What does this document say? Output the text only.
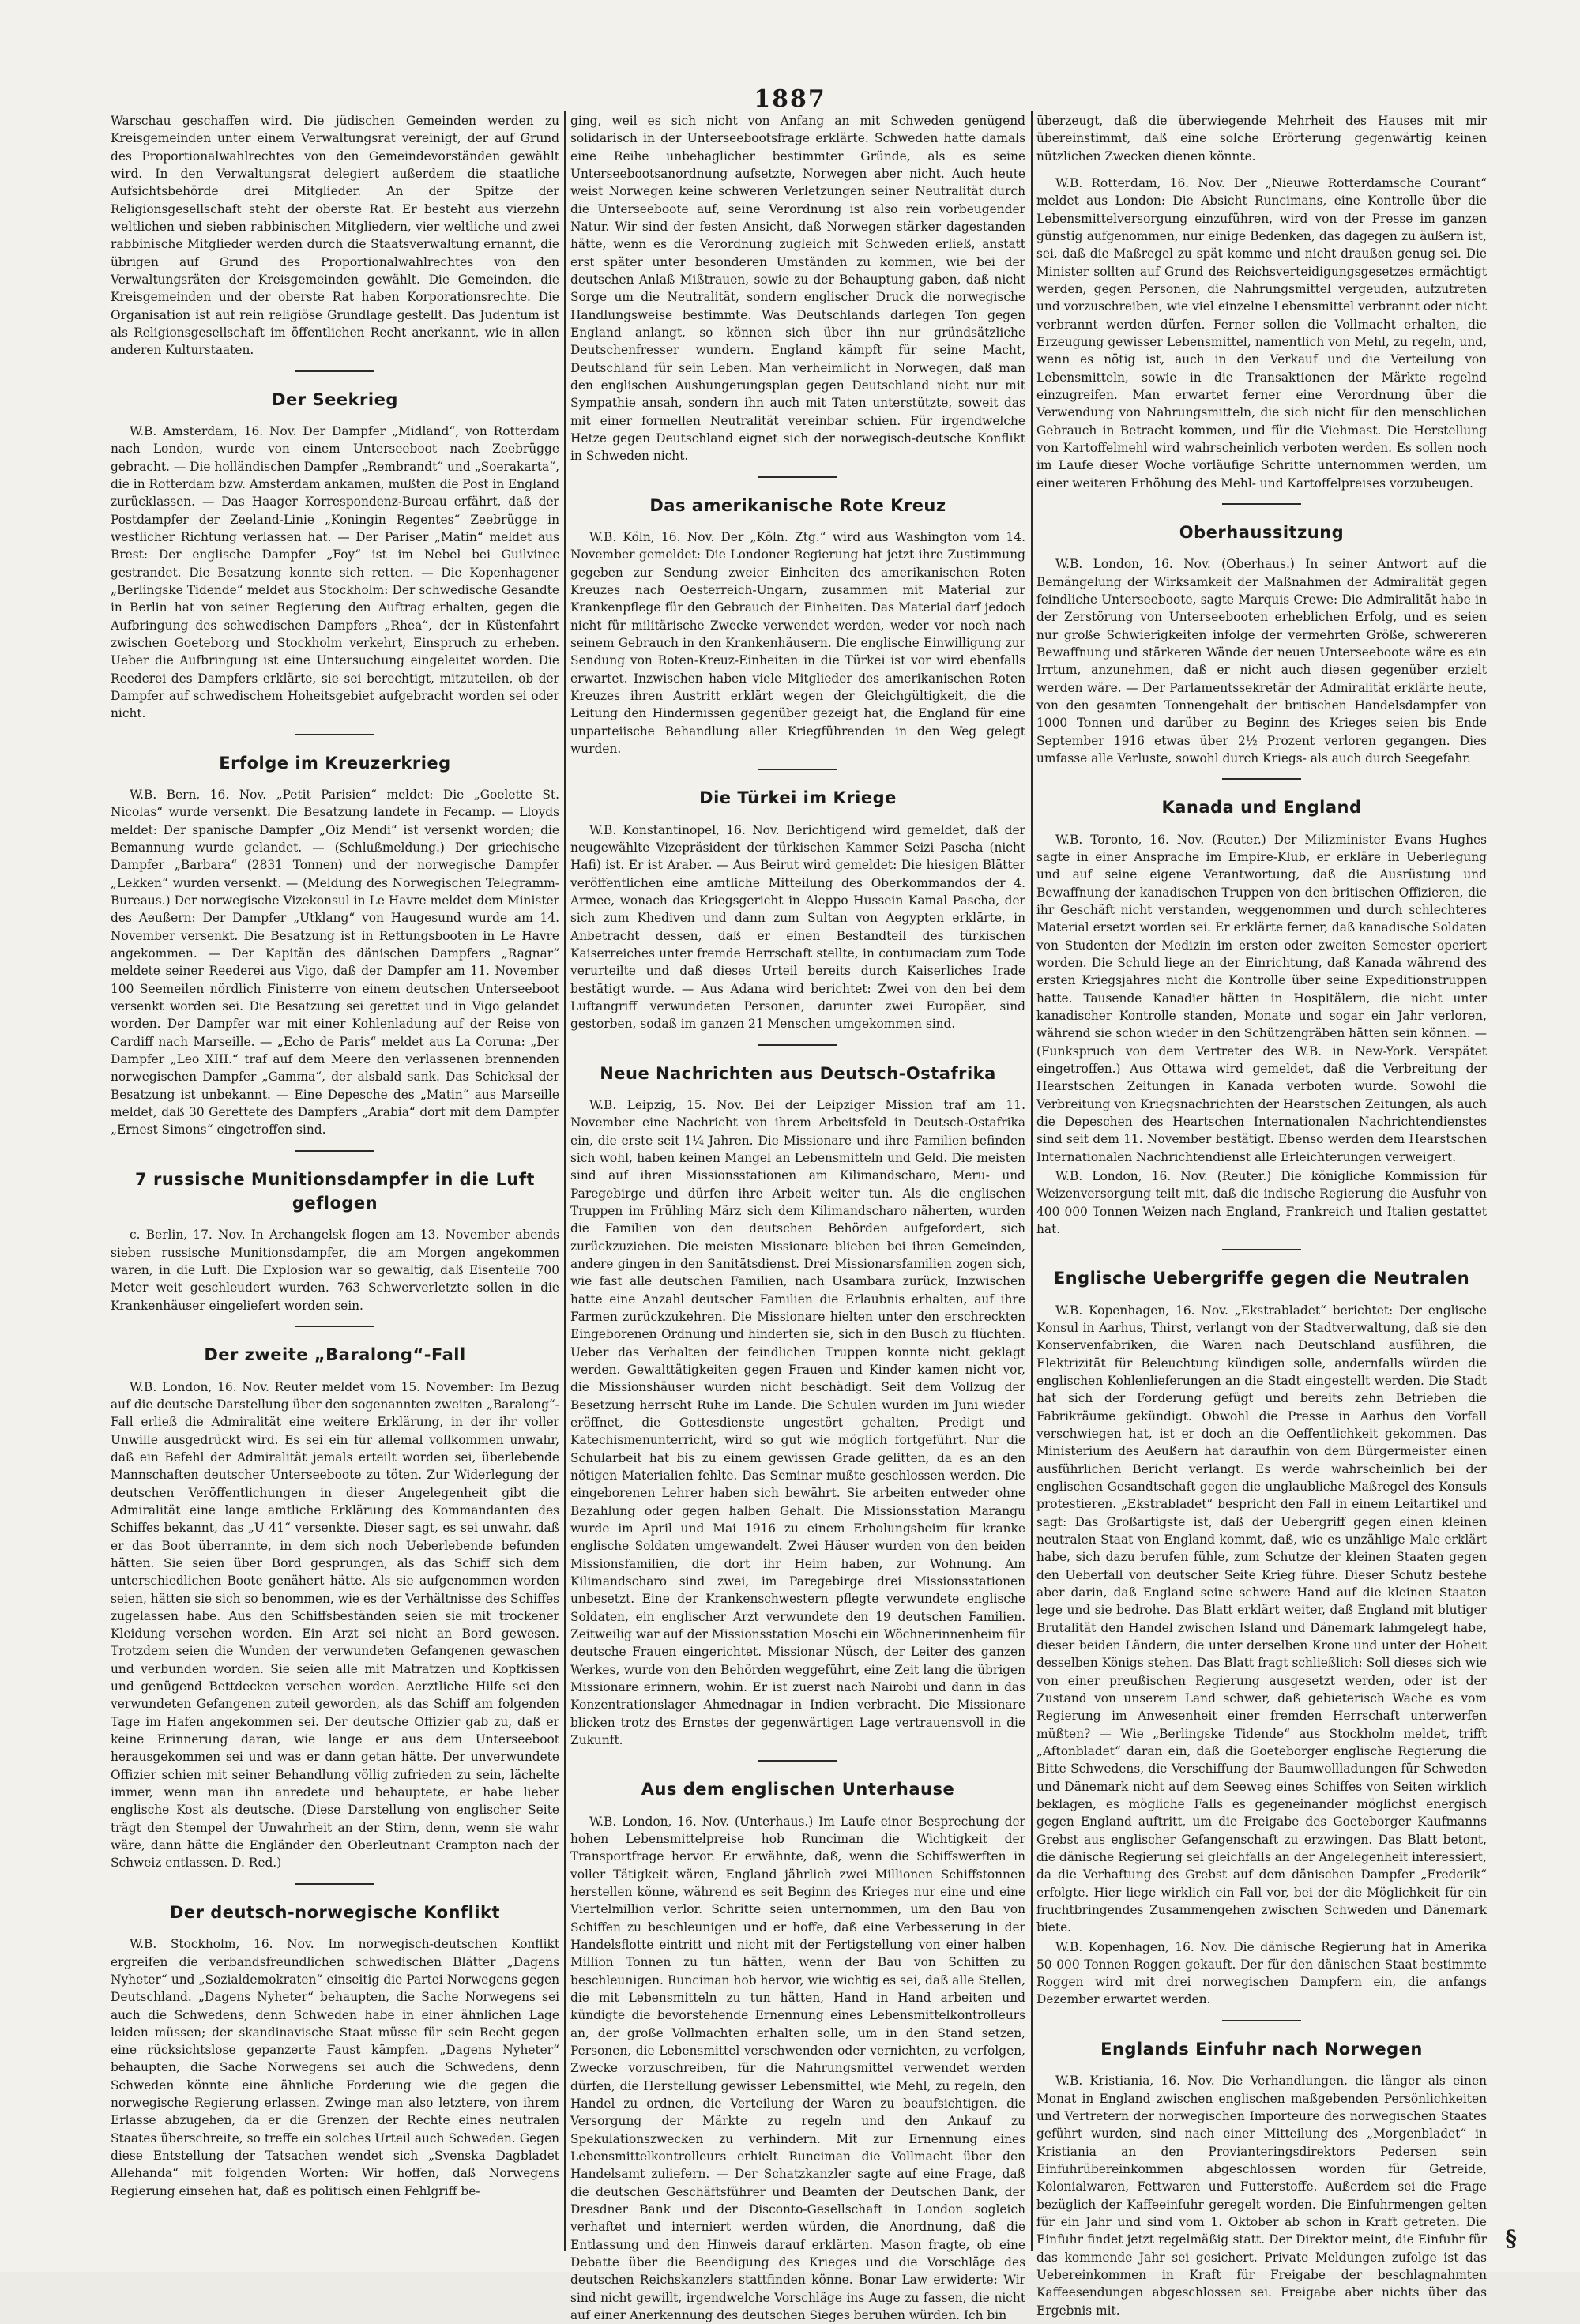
1887

Warschau geschaffen wird. Die jüdischen Gemeinden werden zu Kreisgemeinden unter einem Verwaltungsrat vereinigt, der auf Grund des Proportionalwahlrechtes von den Gemeindevorständen gewählt wird. In den Verwaltungsrat delegiert außerdem die staatliche Aufsichtsbehörde drei Mitglieder. An der Spitze der Religionsgesellschaft steht der oberste Rat. Er besteht aus vierzehn weltlichen und sieben rabbinischen Mitgliedern, vier weltliche und zwei rabbinische Mitglieder werden durch die Staatsverwaltung ernannt, die übrigen auf Grund des Proportionalwahlrechtes von den Verwaltungsräten der Kreisgemeinden gewählt. Die Gemeinden, die Kreisgemeinden und der oberste Rat haben Korporationsrechte. Die Organisation ist auf rein religiöse Grundlage gestellt. Das Judentum ist als Religionsgesellschaft im öffentlichen Recht anerkannt, wie in allen anderen Kulturstaaten.

Der Seekrieg

W.B. Amsterdam, 16. Nov. Der Dampfer „Midland“, von Rotterdam nach London, wurde von einem Unterseeboot nach Zeebrügge gebracht. — Die holländischen Dampfer „Rembrandt“ und „Soerakarta“, die in Rotterdam bzw. Amsterdam ankamen, mußten die Post in England zurücklassen. — Das Haager Korrespondenz-Bureau erfährt, daß der Postdampfer der Zeeland-Linie „Koningin Regentes“ Zeebrügge in westlicher Richtung verlassen hat. — Der Pariser „Matin“ meldet aus Brest: Der englische Dampfer „Foy“ ist im Nebel bei Guilvinec gestrandet. Die Besatzung konnte sich retten. — Die Kopenhagener „Berlingske Tidende“ meldet aus Stockholm: Der schwedische Gesandte in Berlin hat von seiner Regierung den Auftrag erhalten, gegen die Aufbringung des schwedischen Dampfers „Rhea“, der in Küstenfahrt zwischen Goeteborg und Stockholm verkehrt, Einspruch zu erheben. Ueber die Aufbringung ist eine Untersuchung eingeleitet worden. Die Reederei des Dampfers erklärte, sie sei berechtigt, mitzuteilen, ob der Dampfer auf schwedischem Hoheitsgebiet aufgebracht worden sei oder nicht.

Erfolge im Kreuzerkrieg

W.B. Bern, 16. Nov. „Petit Parisien“ meldet: Die „Goelette St. Nicolas“ wurde versenkt. Die Besatzung landete in Fecamp. — Lloyds meldet: Der spanische Dampfer „Oiz Mendi“ ist versenkt worden; die Bemannung wurde gelandet. — (Schlußmeldung.) Der griechische Dampfer „Barbara“ (2831 Tonnen) und der norwegische Dampfer „Lekken“ wurden versenkt. — (Meldung des Norwegischen Telegramm-Bureaus.) Der norwegische Vizekonsul in Le Havre meldet dem Minister des Aeußern: Der Dampfer „Utklang“ von Haugesund wurde am 14. November versenkt. Die Besatzung ist in Rettungsbooten in Le Havre angekommen. — Der Kapitän des dänischen Dampfers „Ragnar“ meldete seiner Reederei aus Vigo, daß der Dampfer am 11. November 100 Seemeilen nördlich Finisterre von einem deutschen Unterseeboot versenkt worden sei. Die Besatzung sei gerettet und in Vigo gelandet worden. Der Dampfer war mit einer Kohlenladung auf der Reise von Cardiff nach Marseille. — „Echo de Paris“ meldet aus La Coruna: „Der Dampfer „Leo XIII.“ traf auf dem Meere den verlassenen brennenden norwegischen Dampfer „Gamma“, der alsbald sank. Das Schicksal der Besatzung ist unbekannt. — Eine Depesche des „Matin“ aus Marseille meldet, daß 30 Gerettete des Dampfers „Arabia“ dort mit dem Dampfer „Ernest Simons“ eingetroffen sind.

7 russische Munitionsdampfer in die Luft geflogen

c. Berlin, 17. Nov. In Archangelsk flogen am 13. November abends sieben russische Munitionsdampfer, die am Morgen angekommen waren, in die Luft. Die Explosion war so gewaltig, daß Eisenteile 700 Meter weit geschleudert wurden. 763 Schwerverletzte sollen in die Krankenhäuser eingeliefert worden sein.

Der zweite „Baralong“-Fall

W.B. London, 16. Nov. Reuter meldet vom 15. November: Im Bezug auf die deutsche Darstellung über den sogenannten zweiten „Baralong“-Fall erließ die Admiralität eine weitere Erklärung, in der ihr voller Unwille ausgedrückt wird. Es sei ein für allemal vollkommen unwahr, daß ein Befehl der Admiralität jemals erteilt worden sei, überlebende Mannschaften deutscher Unterseeboote zu töten. Zur Widerlegung der deutschen Veröffentlichungen in dieser Angelegenheit gibt die Admiralität eine lange amtliche Erklärung des Kommandanten des Schiffes bekannt, das „U 41“ versenkte. Dieser sagt, es sei unwahr, daß er das Boot überrannte, in dem sich noch Ueberlebende befunden hätten. Sie seien über Bord gesprungen, als das Schiff sich dem unterschiedlichen Boote genähert hätte. Als sie aufgenommen worden seien, hätten sie sich so benommen, wie es der Verhältnisse des Schiffes zugelassen habe. Aus den Schiffsbeständen seien sie mit trockener Kleidung versehen worden. Ein Arzt sei nicht an Bord gewesen. Trotzdem seien die Wunden der verwundeten Gefangenen gewaschen und verbunden worden. Sie seien alle mit Matratzen und Kopfkissen und genügend Bettdecken versehen worden. Aerztliche Hilfe sei den verwundeten Gefangenen zuteil geworden, als das Schiff am folgenden Tage im Hafen angekommen sei. Der deutsche Offizier gab zu, daß er keine Erinnerung daran, wie lange er aus dem Unterseeboot herausgekommen sei und was er dann getan hätte. Der unverwundete Offizier schien mit seiner Behandlung völlig zufrieden zu sein, lächelte immer, wenn man ihn anredete und behauptete, er habe lieber englische Kost als deutsche. (Diese Darstellung von englischer Seite trägt den Stempel der Unwahrheit an der Stirn, denn, wenn sie wahr wäre, dann hätte die Engländer den Oberleutnant Crampton nach der Schweiz entlassen. D. Red.)

Der deutsch-norwegische Konflikt

W.B. Stockholm, 16. Nov. Im norwegisch-deutschen Konflikt ergreifen die verbandsfreundlichen schwedischen Blätter „Dagens Nyheter“ und „Sozialdemokraten“ einseitig die Partei Norwegens gegen Deutschland. „Dagens Nyheter“ behaupten, die Sache Norwegens sei auch die Schwedens, denn Schweden habe in einer ähnlichen Lage leiden müssen; der skandinavische Staat müsse für sein Recht gegen eine rücksichtslose gepanzerte Faust kämpfen. „Dagens Nyheter“ behaupten, die Sache Norwegens sei auch die Schwedens, denn Schweden könnte eine ähnliche Forderung wie die gegen die norwegische Regierung erlassen. Zwinge man also letztere, von ihrem Erlasse abzugehen, da er die Grenzen der Rechte eines neutralen Staates überschreite, so treffe ein solches Urteil auch Schweden. Gegen diese Entstellung der Tatsachen wendet sich „Svenska Dagbladet Allehanda“ mit folgenden Worten: Wir hoffen, daß Norwegens Regierung einsehen hat, daß es politisch einen Fehlgriff be-

ging, weil es sich nicht von Anfang an mit Schweden genügend solidarisch in der Unterseebootsfrage erklärte. Schweden hatte damals eine Reihe unbehaglicher bestimmter Gründe, als es seine Unterseebootsanordnung aufsetzte, Norwegen aber nicht. Auch heute weist Norwegen keine schweren Verletzungen seiner Neutralität durch die Unterseeboote auf, seine Verordnung ist also rein vorbeugender Natur. Wir sind der festen Ansicht, daß Norwegen stärker dagestanden hätte, wenn es die Verordnung zugleich mit Schweden erließ, anstatt erst später unter besonderen Umständen zu kommen, wie bei der deutschen Anlaß Mißtrauen, sowie zu der Behauptung gaben, daß nicht Sorge um die Neutralität, sondern englischer Druck die norwegische Handlungsweise bestimmte. Was Deutschlands darlegen Ton gegen England anlangt, so können sich über ihn nur gründsätzliche Deutschenfresser wundern. England kämpft für seine Macht, Deutschland für sein Leben. Man verheimlicht in Norwegen, daß man den englischen Aushungerungsplan gegen Deutschland nicht nur mit Sympathie ansah, sondern ihn auch mit Taten unterstützte, soweit das mit einer formellen Neutralität vereinbar schien. Für irgendwelche Hetze gegen Deutschland eignet sich der norwegisch-deutsche Konflikt in Schweden nicht.

Das amerikanische Rote Kreuz

W.B. Köln, 16. Nov. Der „Köln. Ztg.“ wird aus Washington vom 14. November gemeldet: Die Londoner Regierung hat jetzt ihre Zustimmung gegeben zur Sendung zweier Einheiten des amerikanischen Roten Kreuzes nach Oesterreich-Ungarn, zusammen mit Material zur Krankenpflege für den Gebrauch der Einheiten. Das Material darf jedoch nicht für militärische Zwecke verwendet werden, weder vor noch nach seinem Gebrauch in den Krankenhäusern. Die englische Einwilligung zur Sendung von Roten-Kreuz-Einheiten in die Türkei ist vor wird ebenfalls erwartet. Inzwischen haben viele Mitglieder des amerikanischen Roten Kreuzes ihren Austritt erklärt wegen der Gleichgültigkeit, die die Leitung den Hindernissen gegenüber gezeigt hat, die England für eine unparteiische Behandlung aller Kriegführenden in den Weg gelegt wurden.

Die Türkei im Kriege

W.B. Konstantinopel, 16. Nov. Berichtigend wird gemeldet, daß der neugewählte Vizepräsident der türkischen Kammer Seizi Pascha (nicht Hafi) ist. Er ist Araber. — Aus Beirut wird gemeldet: Die hiesigen Blätter veröffentlichen eine amtliche Mitteilung des Oberkommandos der 4. Armee, wonach das Kriegsgericht in Aleppo Hussein Kamal Pascha, der sich zum Khediven und dann zum Sultan von Aegypten erklärte, in Anbetracht dessen, daß er einen Bestandteil des türkischen Kaiserreiches unter fremde Herrschaft stellte, in contumaciam zum Tode verurteilte und daß dieses Urteil bereits durch Kaiserliches Irade bestätigt wurde. — Aus Adana wird berichtet: Zwei von den bei dem Luftangriff verwundeten Personen, darunter zwei Europäer, sind gestorben, sodaß im ganzen 21 Menschen umgekommen sind.

Neue Nachrichten aus Deutsch-Ostafrika

W.B. Leipzig, 15. Nov. Bei der Leipziger Mission traf am 11. November eine Nachricht von ihrem Arbeitsfeld in Deutsch-Ostafrika ein, die erste seit 1¼ Jahren. Die Missionare und ihre Familien befinden sich wohl, haben keinen Mangel an Lebensmitteln und Geld. Die meisten sind auf ihren Missionsstationen am Kilimandscharo, Meru- und Paregebirge und dürfen ihre Arbeit weiter tun. Als die englischen Truppen im Frühling März sich dem Kilimandscharo näherten, wurden die Familien von den deutschen Behörden aufgefordert, sich zurückzuziehen. Die meisten Missionare blieben bei ihren Gemeinden, andere gingen in den Sanitätsdienst. Drei Missionarsfamilien zogen sich, wie fast alle deutschen Familien, nach Usambara zurück, Inzwischen hatte eine Anzahl deutscher Familien die Erlaubnis erhalten, auf ihre Farmen zurückzukehren. Die Missionare hielten unter den erschreckten Eingeborenen Ordnung und hinderten sie, sich in den Busch zu flüchten. Ueber das Verhalten der feindlichen Truppen konnte nicht geklagt werden. Gewalttätigkeiten gegen Frauen und Kinder kamen nicht vor, die Missionshäuser wurden nicht beschädigt. Seit dem Vollzug der Besetzung herrscht Ruhe im Lande. Die Schulen wurden im Juni wieder eröffnet, die Gottesdienste ungestört gehalten, Predigt und Katechismenunterricht, wird so gut wie möglich fortgeführt. Nur die Schularbeit hat bis zu einem gewissen Grade gelitten, da es an den nötigen Materialien fehlte. Das Seminar mußte geschlossen werden. Die eingeborenen Lehrer haben sich bewährt. Sie arbeiten entweder ohne Bezahlung oder gegen halben Gehalt. Die Missionsstation Marangu wurde im April und Mai 1916 zu einem Erholungsheim für kranke englische Soldaten umgewandelt. Zwei Häuser wurden von den beiden Missionsfamilien, die dort ihr Heim haben, zur Wohnung. Am Kilimandscharo sind zwei, im Paregebirge drei Missionsstationen unbesetzt. Eine der Krankenschwestern pflegte verwundete englische Soldaten, ein englischer Arzt verwundete den 19 deutschen Familien. Zeitweilig war auf der Missionsstation Moschi ein Wöchnerinnenheim für deutsche Frauen eingerichtet. Missionar Nüsch, der Leiter des ganzen Werkes, wurde von den Behörden weggeführt, eine Zeit lang die übrigen Missionare erinnern, wohin. Er ist zuerst nach Nairobi und dann in das Konzentrationslager Ahmednagar in Indien verbracht. Die Missionare blicken trotz des Ernstes der gegenwärtigen Lage vertrauensvoll in die Zukunft.

Aus dem englischen Unterhause

W.B. London, 16. Nov. (Unterhaus.) Im Laufe einer Besprechung der hohen Lebensmittelpreise hob Runciman die Wichtigkeit der Transportfrage hervor. Er erwähnte, daß, wenn die Schiffswerften in voller Tätigkeit wären, England jährlich zwei Millionen Schiffstonnen herstellen könne, während es seit Beginn des Krieges nur eine und eine Viertelmillion verlor. Schritte seien unternommen, um den Bau von Schiffen zu beschleunigen und er hoffe, daß eine Verbesserung in der Handelsflotte eintritt und nicht mit der Fertigstellung von einer halben Million Tonnen zu tun hätten, wenn der Bau von Schiffen zu beschleunigen. Runciman hob hervor, wie wichtig es sei, daß alle Stellen, die mit Lebensmitteln zu tun hätten, Hand in Hand arbeiten und kündigte die bevorstehende Ernennung eines Lebensmittelkontrolleurs an, der große Vollmachten erhalten solle, um in den Stand setzen, Personen, die Lebensmittel verschwenden oder vernichten, zu verfolgen, Zwecke vorzuschreiben, für die Nahrungsmittel verwendet werden dürfen, die Herstellung gewisser Lebensmittel, wie Mehl, zu regeln, den Handel zu ordnen, die Verteilung der Waren zu beaufsichtigen, die Versorgung der Märkte zu regeln und den Ankauf zu Spekulationszwecken zu verhindern. Mit zur Ernennung eines Lebensmittelkontrolleurs erhielt Runciman die Vollmacht über den Handelsamt zuliefern. — Der Schatzkanzler sagte auf eine Frage, daß die deutschen Geschäftsführer und Beamten der Deutschen Bank, der Dresdner Bank und der Disconto-Gesellschaft in London sogleich verhaftet und interniert werden würden, die Anordnung, daß die Entlassung und den Hinweis darauf erklärten. Mason fragte, ob eine Debatte über die Beendigung des Krieges und die Vorschläge des deutschen Reichskanzlers stattfinden könne. Bonar Law erwiderte: Wir sind nicht gewillt, irgendwelche Vorschläge ins Auge zu fassen, die nicht auf einer Anerkennung des deutschen Sieges beruhen würden. Ich bin

überzeugt, daß die überwiegende Mehrheit des Hauses mit mir übereinstimmt, daß eine solche Erörterung gegenwärtig keinen nützlichen Zwecken dienen könnte.

W.B. Rotterdam, 16. Nov. Der „Nieuwe Rotterdamsche Courant“ meldet aus London: Die Absicht Runcimans, eine Kontrolle über die Lebensmittelversorgung einzuführen, wird von der Presse im ganzen günstig aufgenommen, nur einige Bedenken, das dagegen zu äußern ist, sei, daß die Maßregel zu spät komme und nicht draußen genug sei. Die Minister sollten auf Grund des Reichsverteidigungsgesetzes ermächtigt werden, gegen Personen, die Nahrungsmittel vergeuden, aufzutreten und vorzuschreiben, wie viel einzelne Lebensmittel verbrannt oder nicht verbrannt werden dürfen. Ferner sollen die Vollmacht erhalten, die Erzeugung gewisser Lebensmittel, namentlich von Mehl, zu regeln, und, wenn es nötig ist, auch in den Verkauf und die Verteilung von Lebensmitteln, sowie in die Transaktionen der Märkte regelnd einzugreifen. Man erwartet ferner eine Verordnung über die Verwendung von Nahrungsmitteln, die sich nicht für den menschlichen Gebrauch in Betracht kommen, und für die Viehmast. Die Herstellung von Kartoffelmehl wird wahrscheinlich verboten werden. Es sollen noch im Laufe dieser Woche vorläufige Schritte unternommen werden, um einer weiteren Erhöhung des Mehl- und Kartoffelpreises vorzubeugen.

Oberhaussitzung

W.B. London, 16. Nov. (Oberhaus.) In seiner Antwort auf die Bemängelung der Wirksamkeit der Maßnahmen der Admiralität gegen feindliche Unterseeboote, sagte Marquis Crewe: Die Admiralität habe in der Zerstörung von Unterseebooten erheblichen Erfolg, und es seien nur große Schwierigkeiten infolge der vermehrten Größe, schwereren Bewaffnung und stärkeren Wände der neuen Unterseeboote wäre es ein Irrtum, anzunehmen, daß er nicht auch diesen gegenüber erzielt werden wäre. — Der Parlamentssekretär der Admiralität erklärte heute, von den gesamten Tonnengehalt der britischen Handelsdampfer von 1000 Tonnen und darüber zu Beginn des Krieges seien bis Ende September 1916 etwas über 2½ Prozent verloren gegangen. Dies umfasse alle Verluste, sowohl durch Kriegs- als auch durch Seegefahr.

Kanada und England

W.B. Toronto, 16. Nov. (Reuter.) Der Milizminister Evans Hughes sagte in einer Ansprache im Empire-Klub, er erkläre in Ueberlegung und auf seine eigene Verantwortung, daß die Ausrüstung und Bewaffnung der kanadischen Truppen von den britischen Offizieren, die ihr Geschäft nicht verstanden, weggenommen und durch schlechteres Material ersetzt worden sei. Er erklärte ferner, daß kanadische Soldaten von Studenten der Medizin im ersten oder zweiten Semester operiert worden. Die Schuld liege an der Einrichtung, daß Kanada während des ersten Kriegsjahres nicht die Kontrolle über seine Expeditionstruppen hatte. Tausende Kanadier hätten in Hospitälern, die nicht unter kanadischer Kontrolle standen, Monate und sogar ein Jahr verloren, während sie schon wieder in den Schützengräben hätten sein können. — (Funkspruch von dem Vertreter des W.B. in New-York. Verspätet eingetroffen.) Aus Ottawa wird gemeldet, daß die Verbreitung der Hearstschen Zeitungen in Kanada verboten wurde. Sowohl die Verbreitung von Kriegsnachrichten der Hearstschen Zeitungen, als auch die Depeschen des Heartschen Internationalen Nachrichtendienstes sind seit dem 11. November bestätigt. Ebenso werden dem Hearstschen Internationalen Nachrichtendienst alle Erleichterungen verweigert.

W.B. London, 16. Nov. (Reuter.) Die königliche Kommission für Weizenversorgung teilt mit, daß die indische Regierung die Ausfuhr von 400 000 Tonnen Weizen nach England, Frankreich und Italien gestattet hat.

Englische Uebergriffe gegen die Neutralen

W.B. Kopenhagen, 16. Nov. „Ekstrabladet“ berichtet: Der englische Konsul in Aarhus, Thirst, verlangt von der Stadtverwaltung, daß sie den Konservenfabriken, die Waren nach Deutschland ausführen, die Elektrizität für Beleuchtung kündigen solle, andernfalls würden die englischen Kohlenlieferungen an die Stadt eingestellt werden. Die Stadt hat sich der Forderung gefügt und bereits zehn Betrieben die Fabrikräume gekündigt. Obwohl die Presse in Aarhus den Vorfall verschwiegen hat, ist er doch an die Oeffentlichkeit gekommen. Das Ministerium des Aeußern hat daraufhin von dem Bürgermeister einen ausführlichen Bericht verlangt. Es werde wahrscheinlich bei der englischen Gesandtschaft gegen die unglaubliche Maßregel des Konsuls protestieren. „Ekstrabladet“ bespricht den Fall in einem Leitartikel und sagt: Das Großartigste ist, daß der Uebergriff gegen einen kleinen neutralen Staat von England kommt, daß, wie es unzählige Male erklärt habe, sich dazu berufen fühle, zum Schutze der kleinen Staaten gegen den Ueberfall von deutscher Seite Krieg führe. Dieser Schutz bestehe aber darin, daß England seine schwere Hand auf die kleinen Staaten lege und sie bedrohe. Das Blatt erklärt weiter, daß England mit blutiger Brutalität den Handel zwischen Island und Dänemark lahmgelegt habe, dieser beiden Ländern, die unter derselben Krone und unter der Hoheit desselben Königs stehen. Das Blatt fragt schließlich: Soll dieses sich wie von einer preußischen Regierung ausgesetzt werden, oder ist der Zustand von unserem Land schwer, daß gebieterisch Wache es vom Regierung im Anwesenheit einer fremden Herrschaft unterwerfen müßten? — Wie „Berlingske Tidende“ aus Stockholm meldet, trifft „Aftonbladet“ daran ein, daß die Goeteborger englische Regierung die Bitte Schwedens, die Verschiffung der Baumwollladungen für Schweden und Dänemark nicht auf dem Seeweg eines Schiffes von Seiten wirklich beklagen, es mögliche Falls es gegeneinander möglichst energisch gegen England auftritt, um die Freigabe des Goeteborger Kaufmanns Grebst aus englischer Gefangenschaft zu erzwingen. Das Blatt betont, die dänische Regierung sei gleichfalls an der Angelegenheit interessiert, da die Verhaftung des Grebst auf dem dänischen Dampfer „Frederik“ erfolgte. Hier liege wirklich ein Fall vor, bei der die Möglichkeit für ein fruchtbringendes Zusammengehen zwischen Schweden und Dänemark biete.

W.B. Kopenhagen, 16. Nov. Die dänische Regierung hat in Amerika 50 000 Tonnen Roggen gekauft. Der für den dänischen Staat bestimmte Roggen wird mit drei norwegischen Dampfern ein, die anfangs Dezember erwartet werden.

Englands Einfuhr nach Norwegen

W.B. Kristiania, 16. Nov. Die Verhandlungen, die länger als einen Monat in England zwischen englischen maßgebenden Persönlichkeiten und Vertretern der norwegischen Importeure des norwegischen Staates geführt wurden, sind nach einer Mitteilung des „Morgenbladet“ in Kristiania an den Provianteringsdirektors Pedersen sein Einfuhrübereinkommen abgeschlossen worden für Getreide, Kolonialwaren, Fettwaren und Futterstoffe. Außerdem sei die Frage bezüglich der Kaffeeinfuhr geregelt worden. Die Einfuhrmengen gelten für ein Jahr und sind vom 1. Oktober ab schon in Kraft getreten. Die Einfuhr findet jetzt regelmäßig statt. Der Direktor meint, die Einfuhr für das kommende Jahr sei gesichert. Private Meldungen zufolge ist das Uebereinkommen in Kraft für Freigabe der beschlagnahmten Kaffeesendungen abgeschlossen sei. Freigabe aber nichts über das Ergebnis mit.

§
